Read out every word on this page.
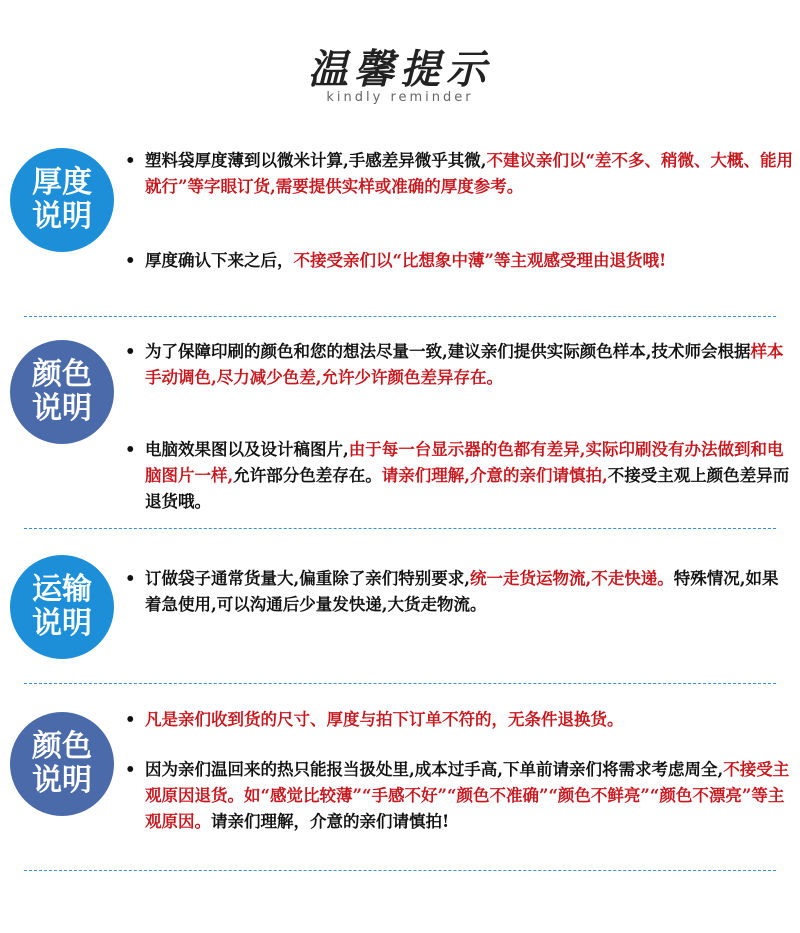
温馨提示
kindly reminder
厚度
说明
• 塑料袋厚度薄到以微米计算,手感差异微乎其微,不建议亲们以“差不多、稍微、大概、能用就行”等字眼订货,需要提供实样或准确的厚度参考。
• 厚度确认下来之后，不接受亲们以“比想象中薄”等主观感受理由退货哦!
颜色
说明
• 为了保障印刷的颜色和您的想法尽量一致,建议亲们提供实际颜色样本,技术师会根据样本手动调色,尽力减少色差,允许少许颜色差异存在。
• 电脑效果图以及设计稿图片,由于每一台显示器的色都有差异,实际印刷没有办法做到和电脑图片一样,允许部分色差存在。请亲们理解,介意的亲们请慎拍,不接受主观上颜色差异而退货哦。
运输
说明
• 订做袋子通常货量大,偏重除了亲们特别要求,统一走货运物流,不走快递。特殊情况,如果着急使用,可以沟通后少量发快递,大货走物流。
颜色
说明
• 凡是亲们收到货的尺寸、厚度与拍下订单不符的，无条件退换货。
• 因为亲们温回来的热只能报当扱处里,成本过手高,下单前请亲们将需求考虑周全,不接受主观原因退货。如“感觉比较薄”“手感不好”“颜色不准确”“颜色不鲜亮”“颜色不漂亮”等主观原因。请亲们理解，介意的亲们请慎拍!
